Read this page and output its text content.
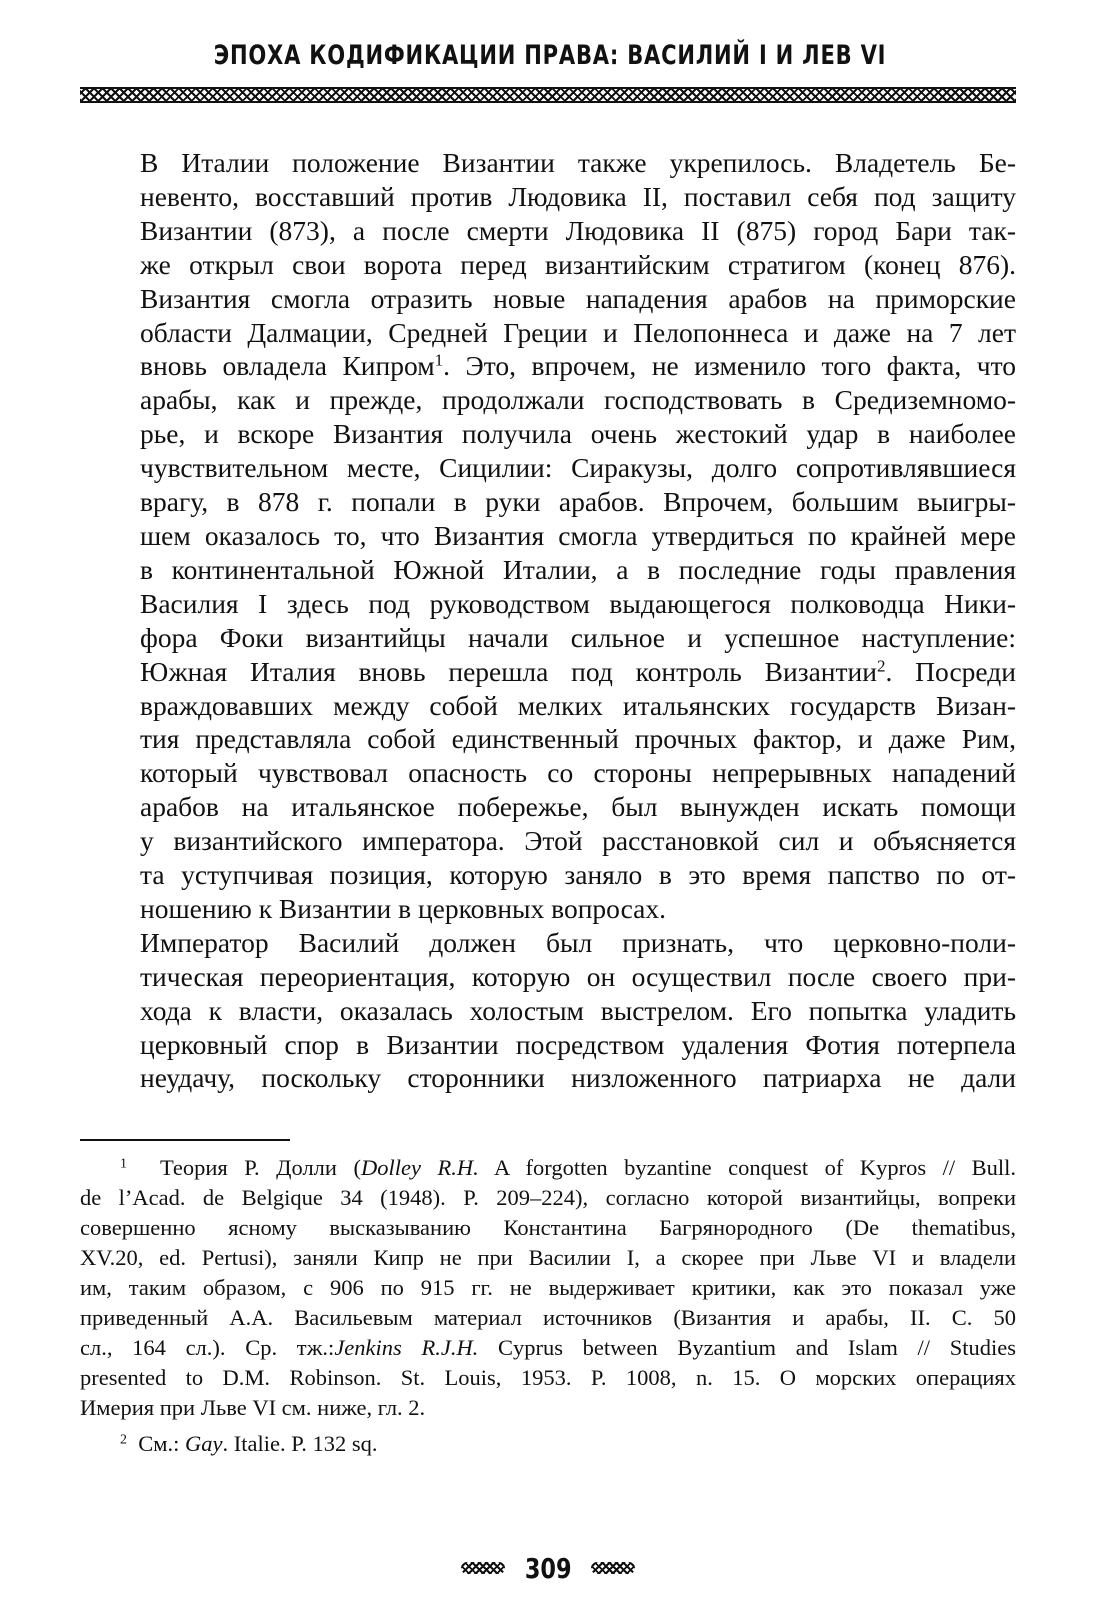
ЭПОХА КОДИФИКАЦИИ ПРАВА: ВАСИЛИЙ I И ЛЕВ VI

В Италии положение Византии также укрепилось. Владетель Бе-
невенто, восставший против Людовика II, поставил себя под защиту
Византии (873), а после смерти Людовика II (875) город Бари так-
же открыл свои ворота перед византийским стратигом (конец 876).
Византия смогла отразить новые нападения арабов на приморские
области Далмации, Средней Греции и Пелопоннеса и даже на 7 лет
вновь овладела Кипром$^1$. Это, впрочем, не изменило того факта, что
арабы, как и прежде, продолжали господствовать в Средиземномо-
рье, и вскоре Византия получила очень жестокий удар в наиболее
чувствительном месте, Сицилии: Сиракузы, долго сопротивлявшиеся
врагу, в 878 г. попали в руки арабов. Впрочем, большим выигры-
шем оказалось то, что Византия смогла утвердиться по крайней мере
в континентальной Южной Италии, а в последние годы правления
Василия I здесь под руководством выдающегося полководца Ники-
фора Фоки византийцы начали сильное и успешное наступление:
Южная Италия вновь перешла под контроль Византии$^2$. Посреди
враждовавших между собой мелких итальянских государств Визан-
тия представляла собой единственный прочных фактор, и даже Рим,
который чувствовал опасность со стороны непрерывных нападений
арабов на итальянское побережье, был вынужден искать помощи
у византийского императора. Этой расстановкой сил и объясняется
та уступчивая позиция, которую заняло в это время папство по от-
ношению к Византии в церковных вопросах.

Император Василий должен был признать, что церковно-поли-
тическая переориентация, которую он осуществил после своего при-
хода к власти, оказалась холостым выстрелом. Его попытка уладить
церковный спор в Византии посредством удаления Фотия потерпела
неудачу, поскольку сторонники низложенного патриарха не дали

$^1$ Теория Р. Долли (Dolley R.H. A forgotten byzantine conquest of Kypros // Bull.
de l’Acad. de Belgique 34 (1948). P. 209–224), согласно которой византийцы, вопреки
совершенно ясному высказыванию Константина Багрянородного (De thematibus,
XV.20, ed. Pertusi), заняли Кипр не при Василии I, а скорее при Льве VI и владели
им, таким образом, с 906 по 915 гг. не выдерживает критики, как это показал уже
приведенный А.А. Васильевым материал источников (Византия и арабы, II. С. 50
сл., 164 сл.). Ср. тж.:Jenkins R.J.H. Cyprus between Byzantium and Islam // Studies
presented to D.M. Robinson. St. Louis, 1953. P. 1008, n. 15. О морских операциях
Имерия при Льве VI см. ниже, гл. 2.

$^2$ См.: Gay. Italie. P. 132 sq.

309
